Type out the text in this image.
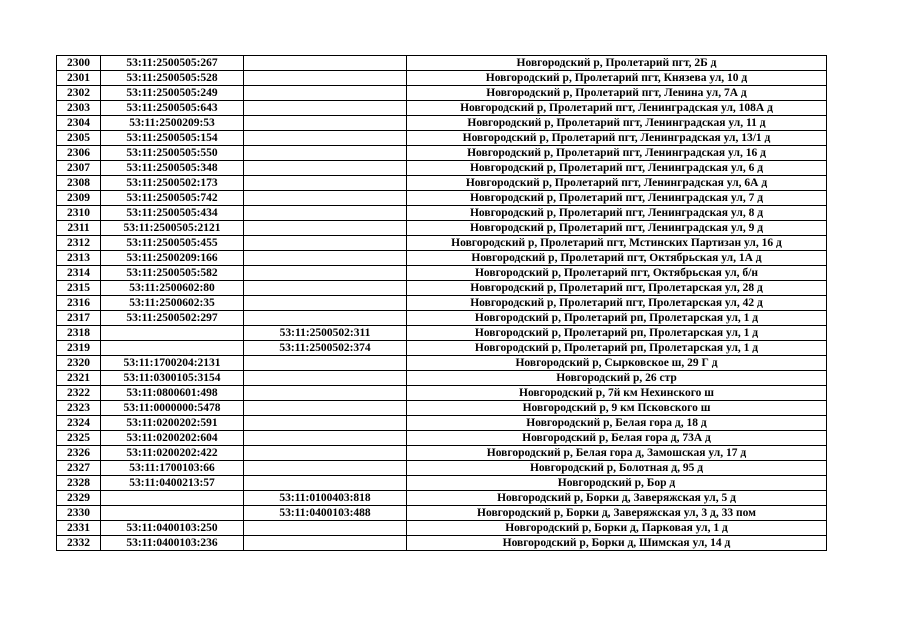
2300	53:11:2500505:267		Новгородский р, Пролетарий пгт, 2Б д
2301	53:11:2500505:528		Новгородский р, Пролетарий пгт, Князева ул, 10 д
2302	53:11:2500505:249		Новгородский р, Пролетарий пгт, Ленина ул, 7А д
2303	53:11:2500505:643		Новгородский р, Пролетарий пгт, Ленинградская ул, 108А д
2304	53:11:2500209:53		Новгородский р, Пролетарий пгт, Ленинградская ул, 11 д
2305	53:11:2500505:154		Новгородский р, Пролетарий пгт, Ленинградская ул, 13/1 д
2306	53:11:2500505:550		Новгородский р, Пролетарий пгт, Ленинградская ул, 16 д
2307	53:11:2500505:348		Новгородский р, Пролетарий пгт, Ленинградская ул, 6 д
2308	53:11:2500502:173		Новгородский р, Пролетарий пгт, Ленинградская ул, 6А д
2309	53:11:2500505:742		Новгородский р, Пролетарий пгт, Ленинградская ул, 7 д
2310	53:11:2500505:434		Новгородский р, Пролетарий пгт, Ленинградская ул, 8 д
2311	53:11:2500505:2121		Новгородский р, Пролетарий пгт, Ленинградская ул, 9 д
2312	53:11:2500505:455		Новгородский р, Пролетарий пгт, Мстинских Партизан ул, 16 д
2313	53:11:2500209:166		Новгородский р, Пролетарий пгт, Октябрьская ул, 1А д
2314	53:11:2500505:582		Новгородский р, Пролетарий пгт, Октябрьская ул, б/н
2315	53:11:2500602:80		Новгородский р, Пролетарий пгт, Пролетарская ул, 28 д
2316	53:11:2500602:35		Новгородский р, Пролетарий пгт, Пролетарская ул, 42 д
2317	53:11:2500502:297		Новгородский р, Пролетарий рп, Пролетарская ул, 1 д
2318		53:11:2500502:311	Новгородский р, Пролетарий рп, Пролетарская ул, 1 д
2319		53:11:2500502:374	Новгородский р, Пролетарий рп, Пролетарская ул, 1 д
2320	53:11:1700204:2131		Новгородский р, Сырковское ш, 29 Г д
2321	53:11:0300105:3154		Новгородский р, 26 стр
2322	53:11:0800601:498		Новгородский р, 7й км Нехинского ш
2323	53:11:0000000:5478		Новгородский р, 9 км Псковского ш
2324	53:11:0200202:591		Новгородский р, Белая гора д, 18 д
2325	53:11:0200202:604		Новгородский р, Белая гора д, 73А д
2326	53:11:0200202:422		Новгородский р, Белая гора д, Замошская ул, 17 д
2327	53:11:1700103:66		Новгородский р, Болотная д, 95 д
2328	53:11:0400213:57		Новгородский р, Бор д
2329		53:11:0100403:818	Новгородский р, Борки д, Заверяжская ул, 5 д
2330		53:11:0400103:488	Новгородский р, Борки д, Заверяжская ул, 3 д, 33 пом
2331	53:11:0400103:250		Новгородский р, Борки д, Парковая ул, 1 д
2332	53:11:0400103:236		Новгородский р, Борки д, Шимская ул, 14 д
